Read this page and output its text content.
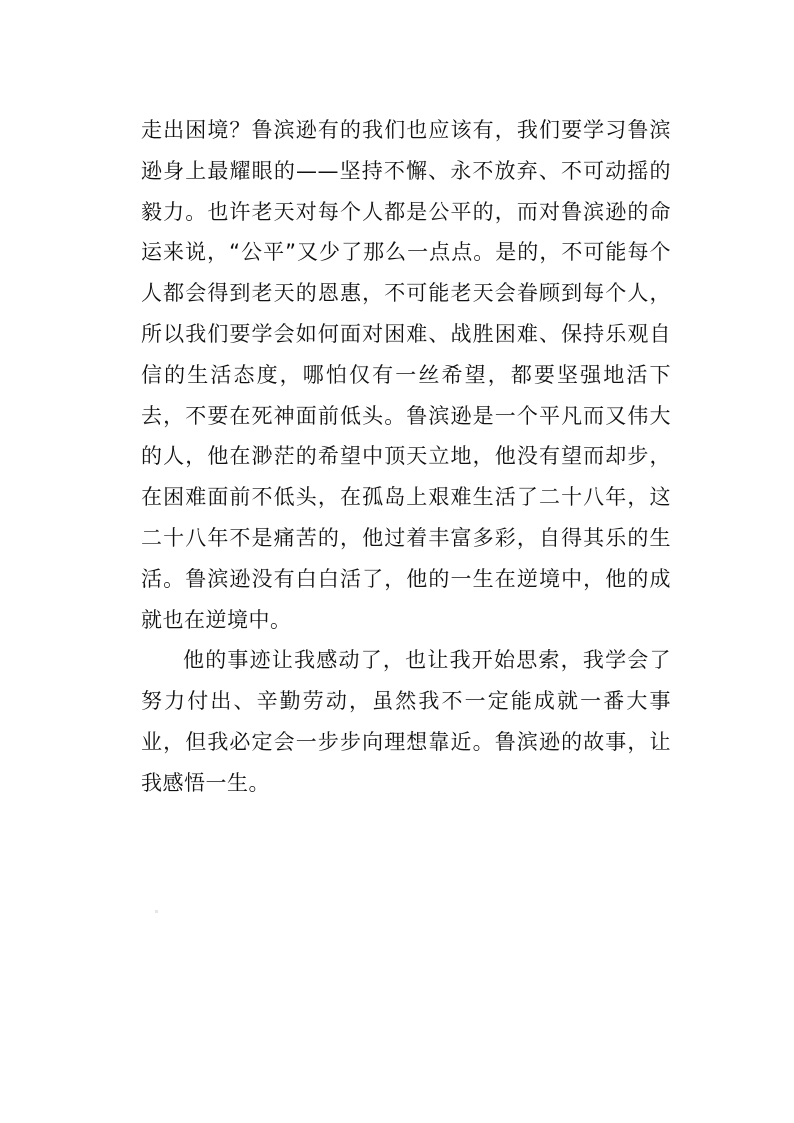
走出困境？鲁滨逊有的我们也应该有，我们要学习鲁滨逊身上最耀眼的——坚持不懈、永不放弃、不可动摇的毅力。也许老天对每个人都是公平的，而对鲁滨逊的命运来说，“公平”又少了那么一点点。是的，不可能每个人都会得到老天的恩惠，不可能老天会眷顾到每个人，所以我们要学会如何面对困难、战胜困难、保持乐观自信的生活态度，哪怕仅有一丝希望，都要坚强地活下去，不要在死神面前低头。鲁滨逊是一个平凡而又伟大的人，他在渺茫的希望中顶天立地，他没有望而却步，在困难面前不低头，在孤岛上艰难生活了二十八年，这二十八年不是痛苦的，他过着丰富多彩，自得其乐的生活。鲁滨逊没有白白活了，他的一生在逆境中，他的成就也在逆境中。

他的事迹让我感动了，也让我开始思索，我学会了努力付出、辛勤劳动，虽然我不一定能成就一番大事业，但我必定会一步步向理想靠近。鲁滨逊的故事，让我感悟一生。
